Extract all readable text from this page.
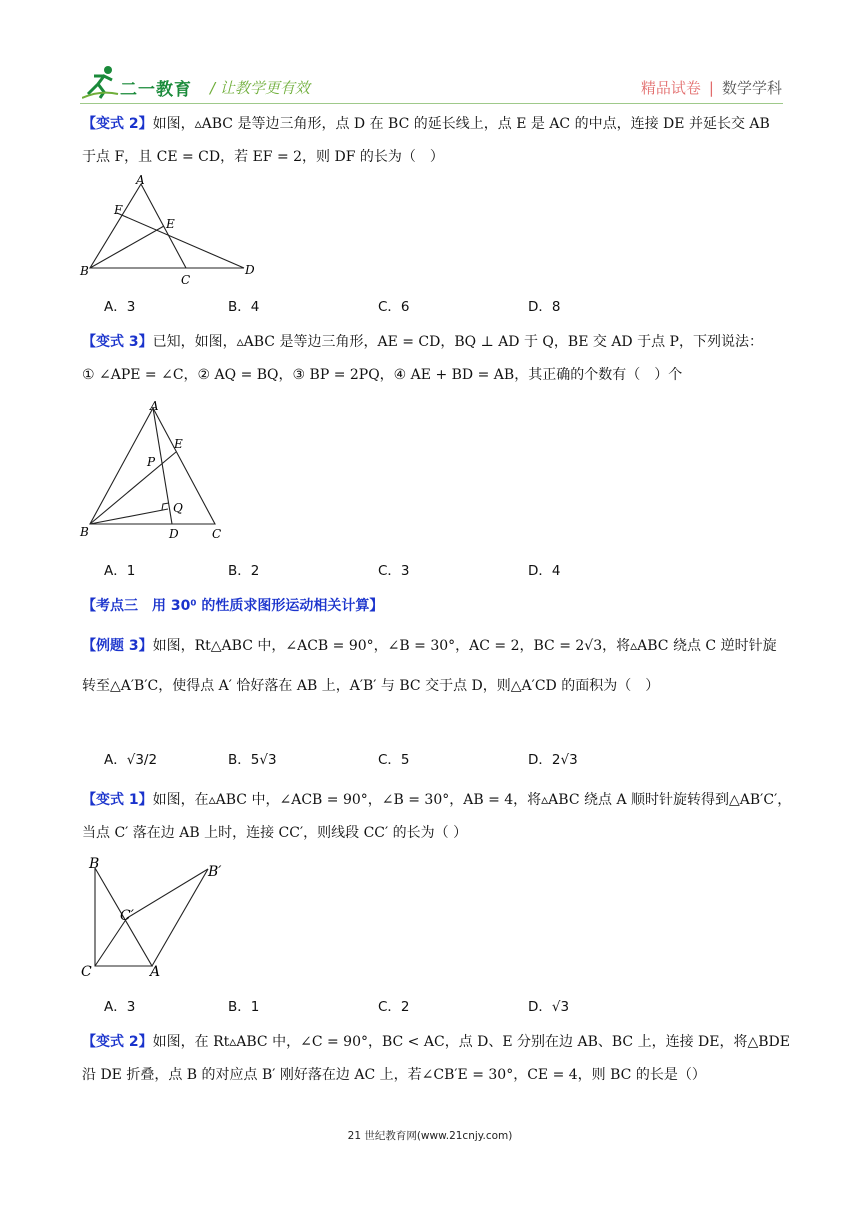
二一教育 / 让教学更有效	精品试卷 | 数学学科
【变式 2】如图，▵ABC 是等边三角形，点 D 在 BC 的延长线上，点 E 是 AC 的中点，连接 DE 并延长交 AB
于点 F，且 CE = CD，若 EF = 2，则 DF 的长为（　）
A
F
E
B
C
D
A．3	B．4	C．6	D．8
【变式 3】已知，如图，▵ABC 是等边三角形，AE = CD，BQ ⊥ AD 于 Q，BE 交 AD 于点 P，下列说法：
① ∠APE = ∠C，② AQ = BQ，③ BP = 2PQ，④ AE + BD = AB，其正确的个数有（　）个
A
E
P
Q
B	D	C
A．1	B．2	C．3	D．4
【考点三　用 30⁰ 的性质求图形运动相关计算】
【例题 3】如图，Rt△ABC 中，∠ACB = 90°，∠B = 30°，AC = 2，BC = 2√3，将▵ABC 绕点 C 逆时针旋
转至△A′B′C，使得点 A′ 恰好落在 AB 上，A′B′ 与 BC 交于点 D，则△A′CD 的面积为（　）
A．√3/2	B．5√3	C．5	D．2√3
【变式 1】如图，在▵ABC 中，∠ACB = 90°，∠B = 30°，AB = 4，将▵ABC 绕点 A 顺时针旋转得到△AB′C′，
当点 C′ 落在边 AB 上时，连接 CC′，则线段 CC′ 的长为（ ）
B	B′
C′
C	A
A．3	B．1	C．2	D．√3
【变式 2】如图，在 Rt▵ABC 中，∠C = 90°，BC < AC，点 D、E 分别在边 AB、BC 上，连接 DE，将△BDE
沿 DE 折叠，点 B 的对应点 B′ 刚好落在边 AC 上，若∠CB′E = 30°，CE = 4，则 BC 的长是（）
21 世纪教育网(www.21cnjy.com)
